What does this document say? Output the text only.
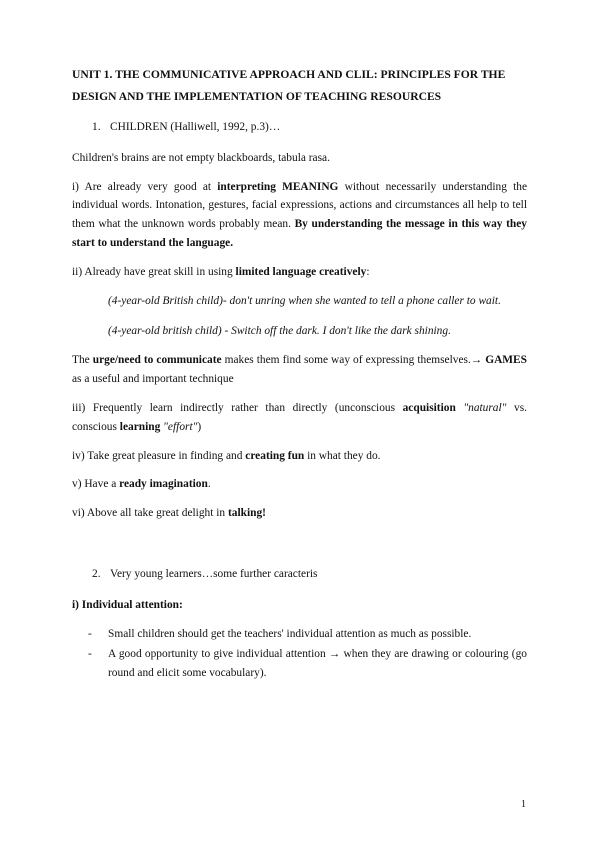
UNIT 1. THE COMMUNICATIVE APPROACH AND CLIL: PRINCIPLES FOR THE DESIGN AND THE IMPLEMENTATION OF TEACHING RESOURCES
1. CHILDREN (Halliwell, 1992, p.3)…

Children's brains are not empty blackboards, tabula rasa.

i) Are already very good at interpreting MEANING without necessarily understanding the individual words. Intonation, gestures, facial expressions, actions and circumstances all help to tell them what the unknown words probably mean. By understanding the message in this way they start to understand the language.

ii) Already have great skill in using limited language creatively:

(4-year-old British child)- don't unring when she wanted to tell a phone caller to wait.
(4-year-old british child) - Switch off the dark. I don't like the dark shining.

The urge/need to communicate makes them find some way of expressing themselves.→ GAMES as a useful and important technique

iii) Frequently learn indirectly rather than directly (unconscious acquisition "natural" vs. conscious learning "effort")

iv) Take great pleasure in finding and creating fun in what they do.

v) Have a ready imagination.

vi) Above all take great delight in talking!

2. Very young learners…some further caracteris

i) Individual attention:

- Small children should get the teachers' individual attention as much as possible.
- A good opportunity to give individual attention → when they are drawing or colouring (go round and elicit some vocabulary).
1
